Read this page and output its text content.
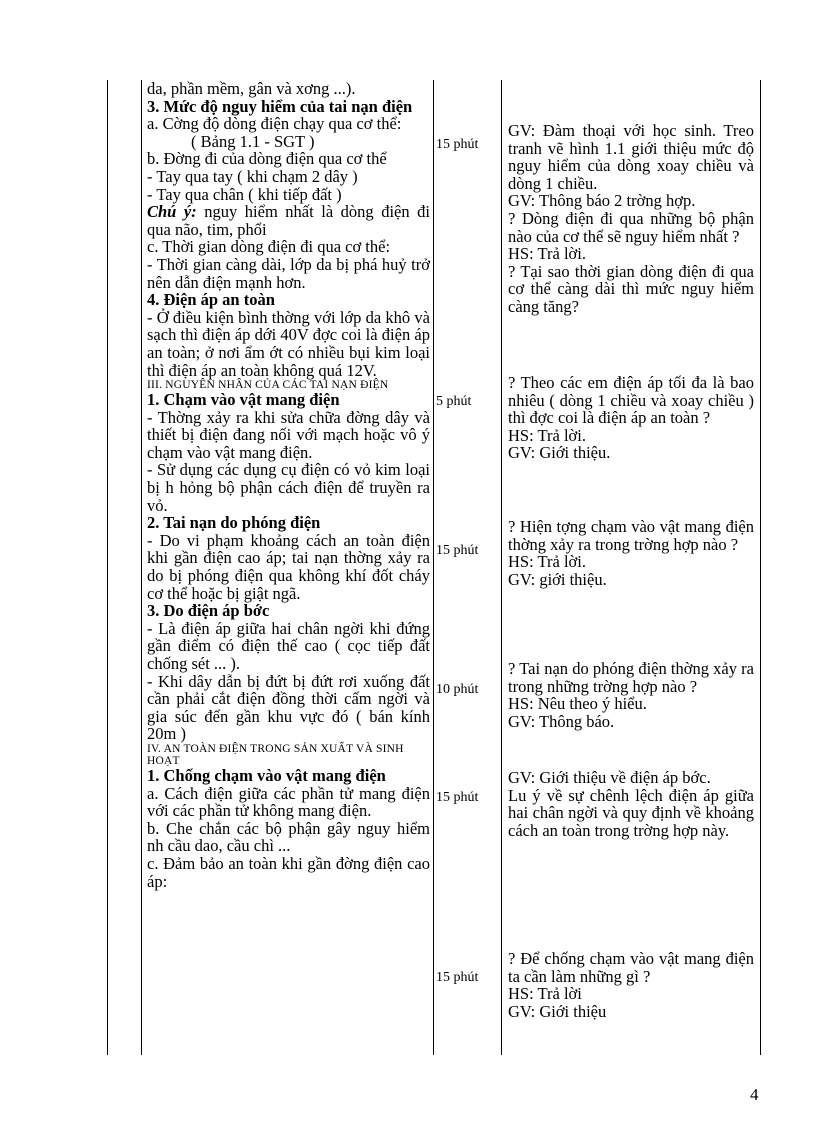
da, phần mềm, gân và xơng ...).

3. Mức độ nguy hiểm của tai nạn điện

a. Cờng độ dòng điện chạy qua cơ thể:

( Bảng 1.1 - SGT )

b. Đờng đi của dòng điện qua cơ thể

- Tay qua tay ( khi chạm 2 dây )

- Tay qua chân ( khi tiếp đất )

Chú ý: nguy hiểm nhất là dòng điện đi qua não, tim, phổi

c. Thời gian dòng điện đi qua cơ thể:

- Thời gian càng dài, lớp da bị phá huỷ trở nên dẫn điện mạnh hơn.

4. Điện áp an toàn

- Ở điều kiện bình thờng với lớp da khô và sạch thì điện áp dới 40V đợc coi là điện áp an toàn; ở nơi ẩm ớt có nhiều bụi kim loại thì điện áp an toàn không quá 12V.

III. NGUYÊN NHÂN CỦA CÁC TAI NẠN ĐIỆN

1. Chạm vào vật mang điện

- Thờng xảy ra khi sửa chữa đờng dây và thiết bị điện đang nối với mạch hoặc vô ý chạm vào vật mang điện.

- Sử dụng các dụng cụ điện có vỏ kim loại bị h hỏng bộ phận cách điện để truyền ra vỏ.

2. Tai nạn do phóng điện

- Do vi phạm khoảng cách an toàn điện khi gần điện cao áp; tai nạn thờng xảy ra do bị phóng điện qua không khí đốt cháy cơ thể hoặc bị giật ngã.

3. Do điện áp bớc

- Là điện áp giữa hai chân ngời khi đứng gần điểm có điện thế cao ( cọc tiếp đất chống sét ... ).

- Khi dây dẫn bị đứt bị đứt rơi xuống đất cần phải cắt điện đồng thời cấm ngời và gia súc đến gần khu vực đó ( bán kính 20m )

IV. AN TOÀN ĐIỆN TRONG SẢN XUẤT VÀ SINH HOẠT

1. Chống chạm vào vật mang điện

a. Cách điện giữa các phần tử mang điện với các phần tử không mang điện.

b. Che chắn các bộ phận gây nguy hiểm nh cầu dao, cầu chì ...

c. Đảm bảo an toàn khi gần đờng điện cao áp:

15 phút
5 phút
15 phút
10 phút
15 phút
15 phút

GV: Đàm thoại với học sinh. Treo tranh vẽ hình 1.1 giới thiệu mức độ nguy hiểm của dòng xoay chiều và dòng 1 chiều.

GV: Thông báo 2 trờng hợp.

? Dòng điện đi qua những bộ phận nào của cơ thể sẽ nguy hiểm nhất ?

HS: Trả lời.

? Tại sao thời gian dòng điện đi qua cơ thể càng dài thì mức nguy hiểm càng tăng?

? Theo các em điện áp tối đa là bao nhiêu ( dòng 1 chiều và xoay chiều ) thì đợc coi là điện áp an toàn ?

HS: Trả lời.

GV: Giới thiệu.

? Hiện tợng chạm vào vật mang điện thờng xảy ra trong trờng hợp nào ?

HS: Trả lời.

GV: giới thiệu.

? Tai nạn do phóng điện thờng xảy ra trong những trờng hợp nào ?

HS: Nêu theo ý hiểu.

GV: Thông báo.

GV: Giới thiệu về điện áp bớc.

Lu ý về sự chênh lệch điện áp giữa hai chân ngời và quy định về khoảng cách an toàn trong trờng hợp này.

? Để chống chạm vào vật mang điện ta cần làm những gì ?

HS: Trả lời

GV: Giới thiệu

4
